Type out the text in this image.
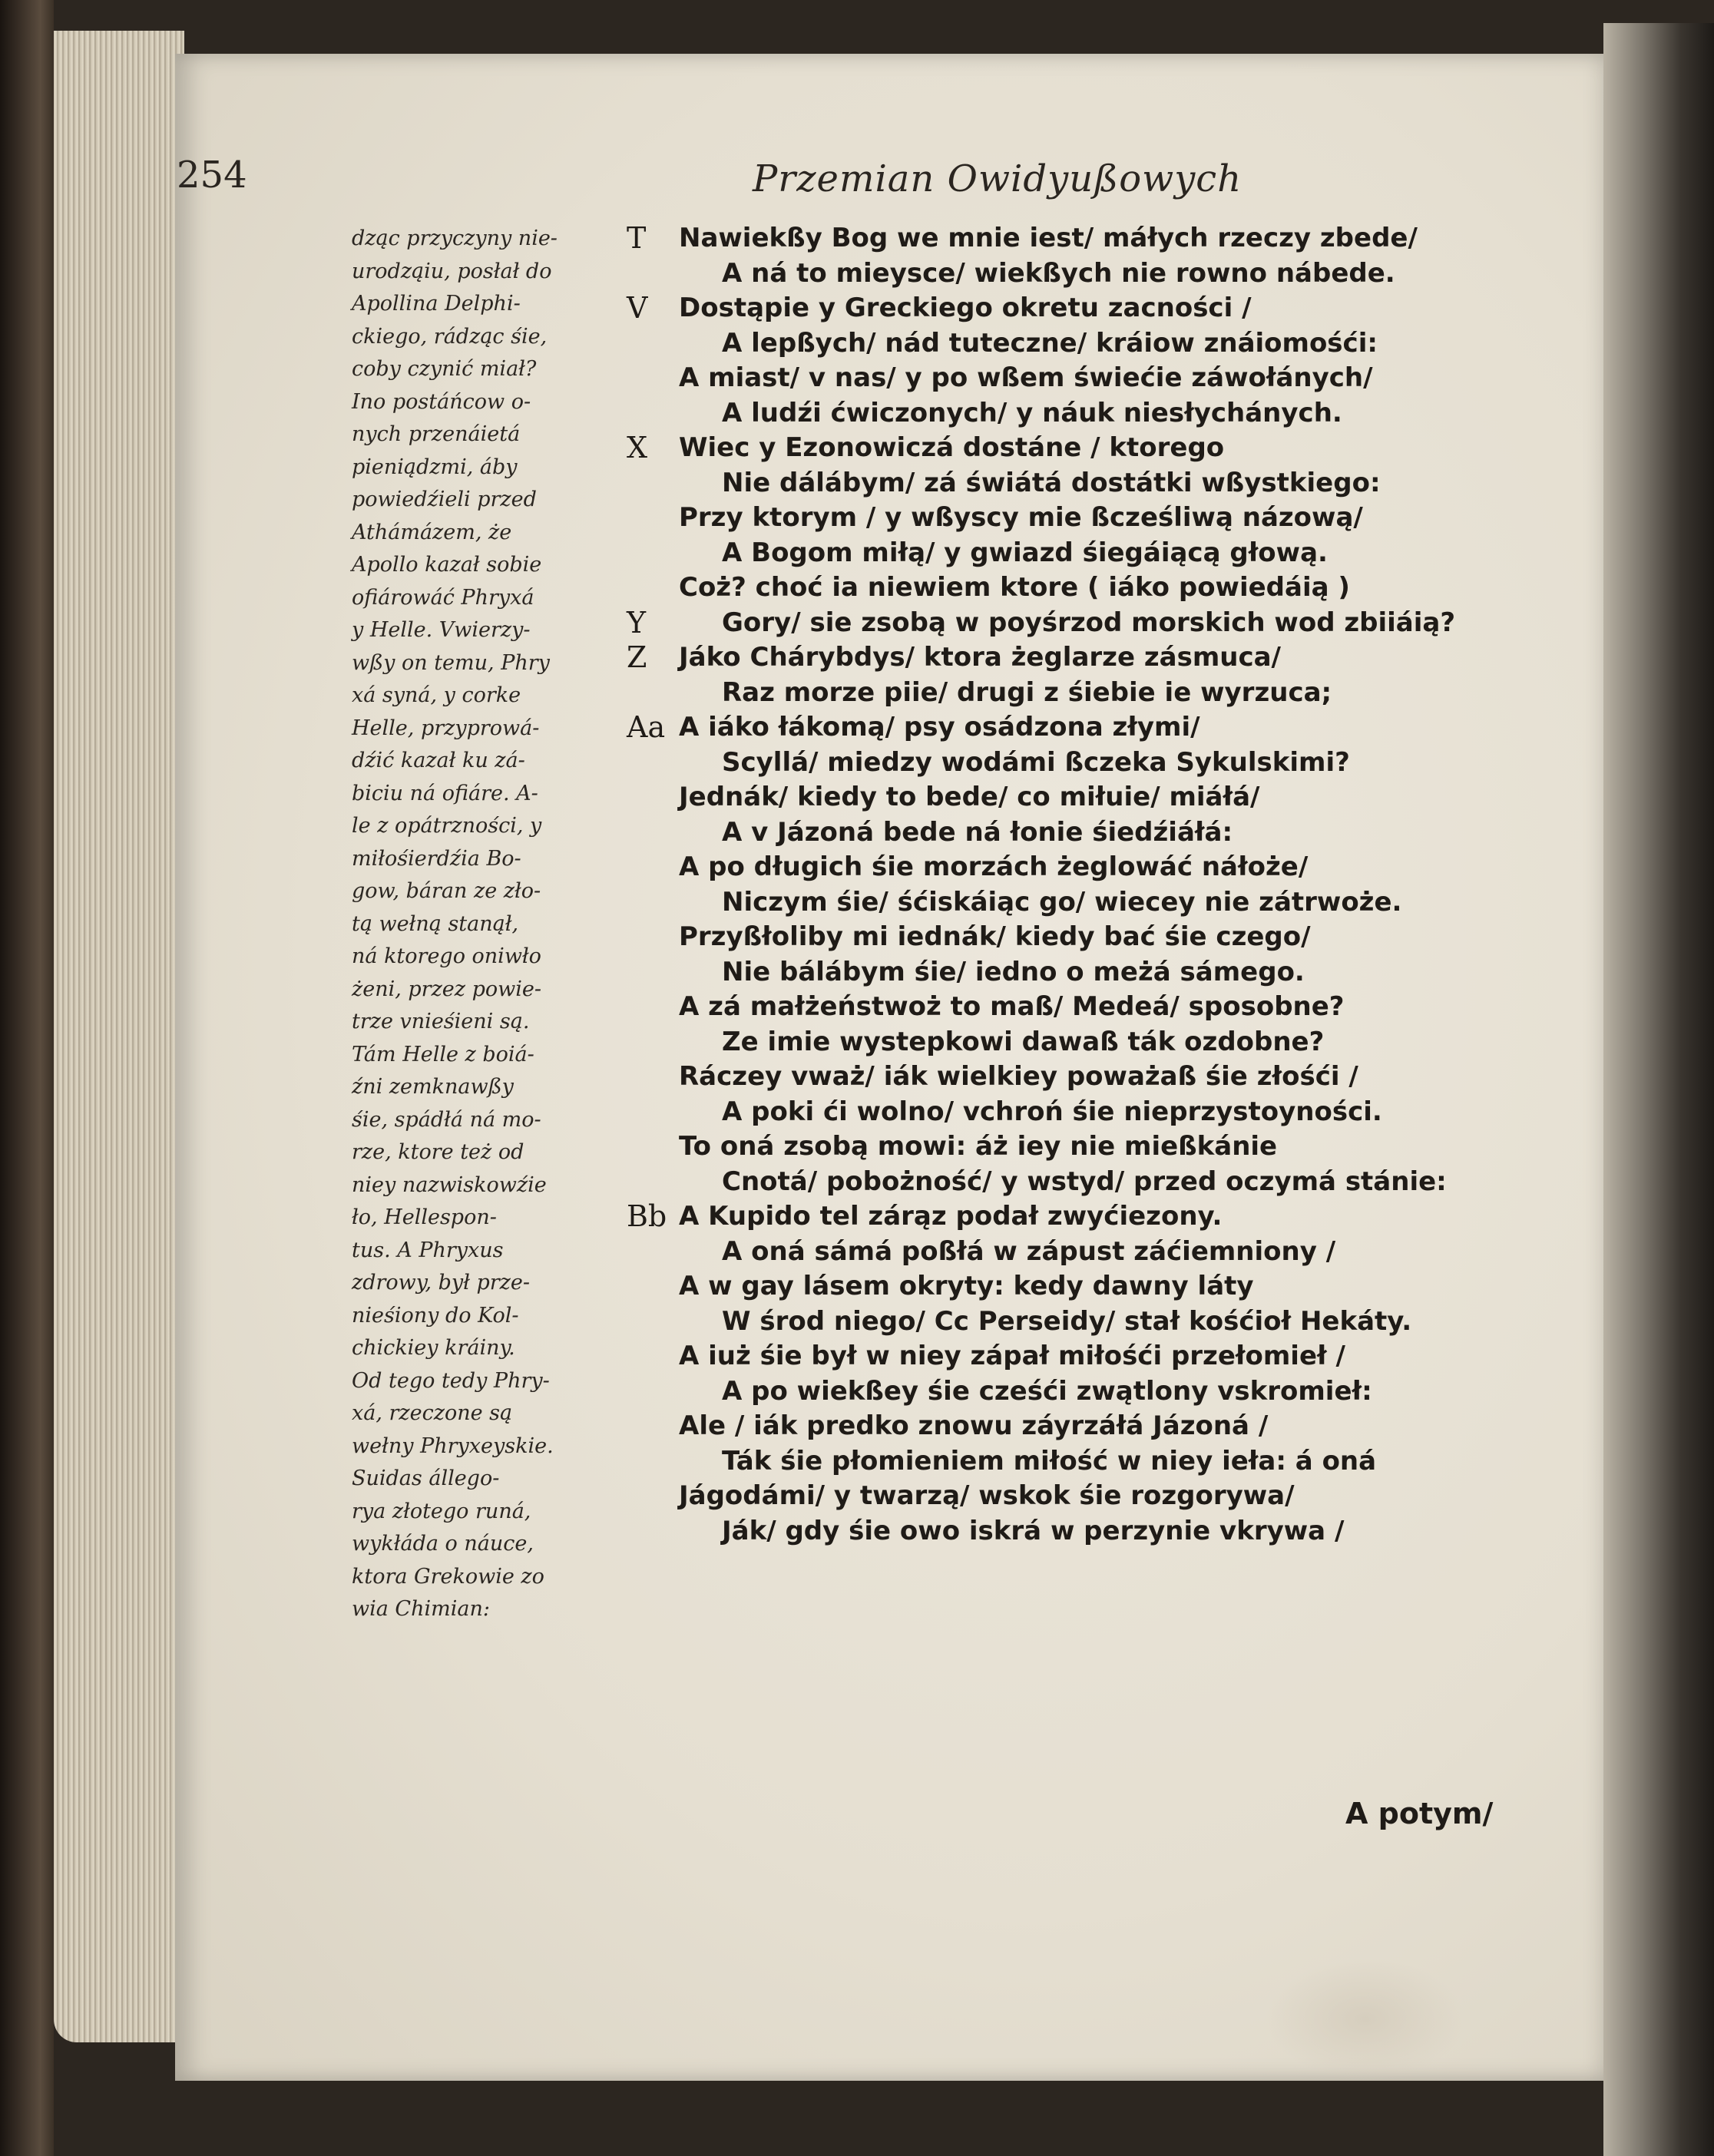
254	Przemian Owidyußowych
dząc przyczyny nie-
urodząiu, posłał do
Apollina Delphi-
ckiego, rádząc śie,
coby czynić miał?
Ino postáńcow o-
nych przenáietá
pieniądzmi, áby
powiedźieli przed
Athámázem, że
Apollo kazał sobie
ofiárowáć Phryxá
y Helle. Vwierzy-
wßy on temu, Phry
xá syná, y corke
Helle, przyprowá-
dźić kazał ku zá-
biciu ná ofiáre. A-
le z opátrzności, y
miłośierdźia Bo-
gow, báran ze zło-
tą wełną stanął,
ná ktorego oniwło
żeni, przez powie-
trze vnieśieni są.
Tám Helle z boiá-
źni zemknawßy
śie, spádłá ná mo-
rze, ktore też od
niey nazwiskowźie
ło, Hellespon-
tus. A Phryxus
zdrowy, był prze-
nieśiony do Kol-
chickiey kráiny.
Od tego tedy Phry-
xá, rzeczone są
wełny Phryxeyskie.
Suidas állego-
rya złotego runá,
wykłáda o náuce,
ktora Grekowie zo
wia Chimian:
T Nawiekßy Bog we mnie iest/ máłych rzeczy zbede/
A ná to mieysce/ wiekßych nie rowno nábede.
V Dostąpie y Greckiego okretu zacności /
A lepßych/ nád tuteczne/ kráiow znáiomośći:
A miast/ v nas/ y po wßem świećie záwołánych/
A ludźi ćwiczonych/ y náuk niesłychánych.
X Wiec y Ezonowiczá dostáne / ktorego
Nie dálábym/ zá świátá dostátki wßystkiego:
Przy ktorym / y wßyscy mie ßcześliwą názową/
A Bogom miłą/ y gwiazd śiegáiącą głową.
Coż? choć ia niewiem ktore ( iáko powiedáią )
Y	Gory/ sie zsobą w poyśrzod morskich wod zbiiáią?
Z Jáko Chárybdys/ ktora żeglarze zásmuca/
Raz morze piie/ drugi z śiebie ie wyrzuca;
Aa A iáko łákomą/ psy osádzona złymi/
Scyllá/ miedzy wodámi ßczeka Sykulskimi?
Jednák/ kiedy to bede/ co miłuie/ miáłá/
A v Jázoná bede ná łonie śiedźiáłá:
A po długich śie morzách żeglowáć náłoże/
Niczym śie/ śćiskáiąc go/ wiecey nie zátrwoże.
Przyßłoliby mi iednák/ kiedy bać śie czego/
Nie bálábym śie/ iedno o meżá sámego.
A zá małżeństwoż to maß/ Medeá/ sposobne?
Ze imie wystepkowi dawaß ták ozdobne?
Ráczey vważ/ iák wielkiey poważaß śie złośći /
A poki ći wolno/ vchroń śie nieprzystoyności.
To oná zsobą mowi: áż iey nie mießkánie
Cnotá/ pobożność/ y wstyd/ przed oczymá stánie:
Bb A Kupido tel zárąz podał zwyćiezony.
A oná sámá poßłá w zápust záćiemniony /
A w gay lásem okryty: kedy dawny láty
W środ niego/ Cc Perseidy/ stał kośćioł Hekáty.
A iuż śie był w niey zápał miłośći przełomieł /
A po wiekßey śie cześći zwątlony vskromieł:
Ale / iák predko znowu záyrzáłá Jázoná /
Ták śie płomieniem miłość w niey ieła: á oná
Jágodámi/ y twarzą/ wskok śie rozgorywa/
Ják/ gdy śie owo iskrá w perzynie vkrywa /
A potym/
